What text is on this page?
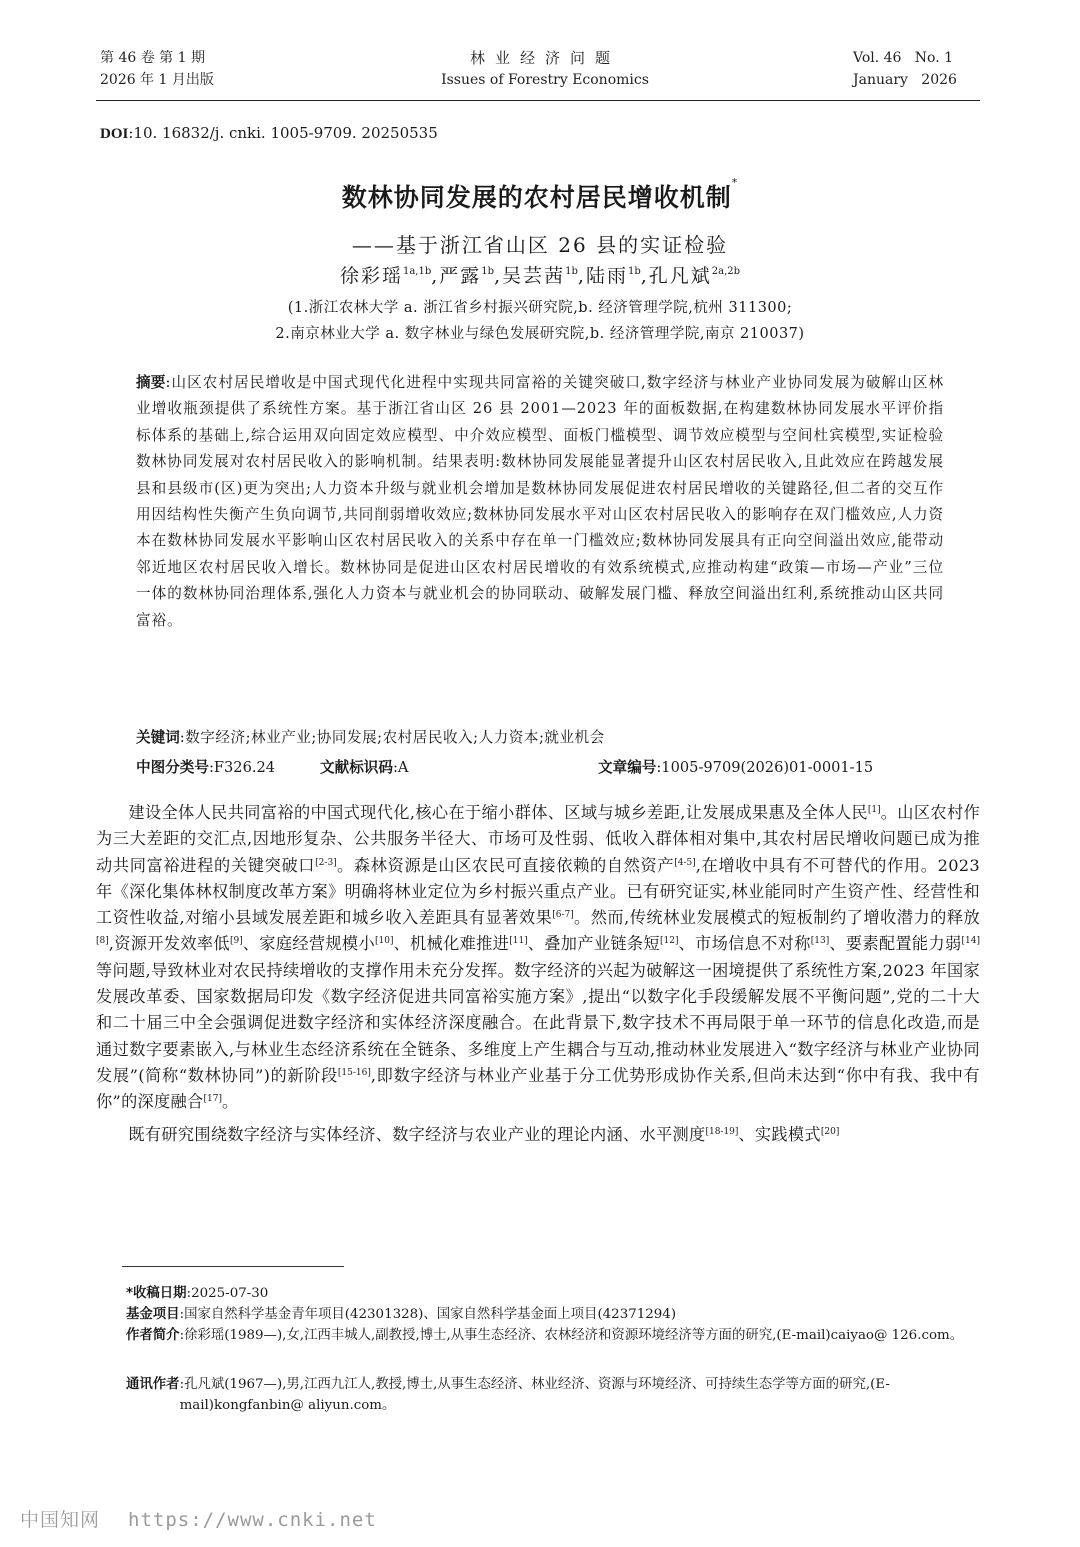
第 46 卷 第 1 期
2026 年 1 月出版
林业经济问题
Issues of Forestry Economics
Vol. 46   No. 1
January   2026
DOI:10. 16832/j. cnki. 1005-9709. 20250535
数林协同发展的农村居民增收机制*
——基于浙江省山区 26 县的实证检验
徐彩瑶$^{1a,1b}$,严露$^{1b}$,吴芸茜$^{1b}$,陆雨$^{1b}$,孔凡斌$^{2a,2b}$
(1.浙江农林大学 a. 浙江省乡村振兴研究院,b. 经济管理学院,杭州 311300;
2.南京林业大学 a. 数字林业与绿色发展研究院,b. 经济管理学院,南京 210037)
摘要:山区农村居民增收是中国式现代化进程中实现共同富裕的关键突破口,数字经济与林业产业协同发展为破解山区林业增收瓶颈提供了系统性方案。基于浙江省山区 26 县 2001—2023 年的面板数据,在构建数林协同发展水平评价指标体系的基础上,综合运用双向固定效应模型、中介效应模型、面板门槛模型、调节效应模型与空间杜宾模型,实证检验数林协同发展对农村居民收入的影响机制。结果表明:数林协同发展能显著提升山区农村居民收入,且此效应在跨越发展县和县级市(区)更为突出;人力资本升级与就业机会增加是数林协同发展促进农村居民增收的关键路径,但二者的交互作用因结构性失衡产生负向调节,共同削弱增收效应;数林协同发展水平对山区农村居民收入的影响存在双门槛效应,人力资本在数林协同发展水平影响山区农村居民收入的关系中存在单一门槛效应;数林协同发展具有正向空间溢出效应,能带动邻近地区农村居民收入增长。数林协同是促进山区农村居民增收的有效系统模式,应推动构建“政策—市场—产业”三位一体的数林协同治理体系,强化人力资本与就业机会的协同联动、破解发展门槛、释放空间溢出红利,系统推动山区共同富裕。
关键词:数字经济;林业产业;协同发展;农村居民收入;人力资本;就业机会
中图分类号:F326.24	文献标识码:A	文章编号:1005-9709(2026)01-0001-15

建设全体人民共同富裕的中国式现代化,核心在于缩小群体、区域与城乡差距,让发展成果惠及全体人民[1]。山区农村作为三大差距的交汇点,因地形复杂、公共服务半径大、市场可及性弱、低收入群体相对集中,其农村居民增收问题已成为推动共同富裕进程的关键突破口[2-3]。森林资源是山区农民可直接依赖的自然资产[4-5],在增收中具有不可替代的作用。2023 年《深化集体林权制度改革方案》明确将林业定位为乡村振兴重点产业。已有研究证实,林业能同时产生资产性、经营性和工资性收益,对缩小县域发展差距和城乡收入差距具有显著效果[6-7]。然而,传统林业发展模式的短板制约了增收潜力的释放[8],资源开发效率低[9]、家庭经营规模小[10]、机械化难推进[11]、叠加产业链条短[12]、市场信息不对称[13]、要素配置能力弱[14]等问题,导致林业对农民持续增收的支撑作用未充分发挥。数字经济的兴起为破解这一困境提供了系统性方案,2023 年国家发展改革委、国家数据局印发《数字经济促进共同富裕实施方案》,提出“以数字化手段缓解发展不平衡问题”,党的二十大和二十届三中全会强调促进数字经济和实体经济深度融合。在此背景下,数字技术不再局限于单一环节的信息化改造,而是通过数字要素嵌入,与林业生态经济系统在全链条、多维度上产生耦合与互动,推动林业发展进入“数字经济与林业产业协同发展”(简称“数林协同”)的新阶段[15-16],即数字经济与林业产业基于分工优势形成协作关系,但尚未达到“你中有我、我中有你”的深度融合[17]。

既有研究围绕数字经济与实体经济、数字经济与农业产业的理论内涵、水平测度[18-19]、实践模式[20]

*收稿日期:2025-07-30
基金项目:国家自然科学基金青年项目(42301328)、国家自然科学基金面上项目(42371294)
作者简介 :徐彩瑶(1989—),女,江西丰城人,副教授,博士,从事生态经济、农林经济和资源环境经济等方面的研究,(E-mail)caiyao@ 126.com。
通讯作者 :孔凡斌(1967—),男,江西九江人,教授,博士,从事生态经济、林业经济、资源与环境经济、可持续生态学等方面的研究,(E-mail)kongfanbin@ aliyun.com。
中国知网 https://www.cnki.net
